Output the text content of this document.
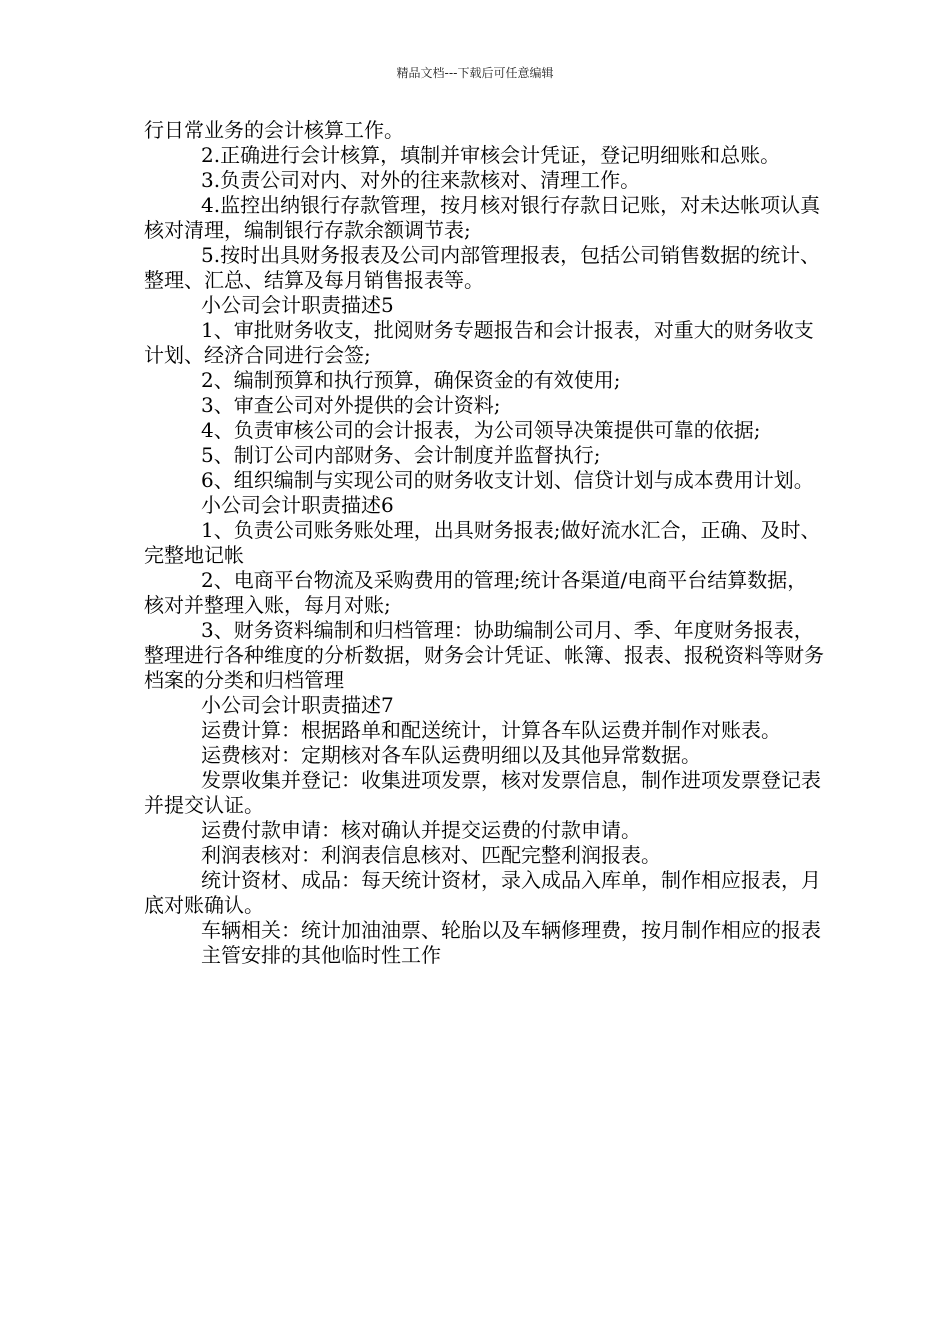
精品文档---下载后可任意编辑

行日常业务的会计核算工作。

2.正确进行会计核算，填制并审核会计凭证，登记明细账和总账。

3.负责公司对内、对外的往来款核对、清理工作。

4.监控出纳银行存款管理，按月核对银行存款日记账，对未达帐项认真核对清理，编制银行存款余额调节表;

5.按时出具财务报表及公司内部管理报表，包括公司销售数据的统计、整理、汇总、结算及每月销售报表等。

小公司会计职责描述5

1、审批财务收支，批阅财务专题报告和会计报表，对重大的财务收支计划、经济合同进行会签;

2、编制预算和执行预算，确保资金的有效使用;

3、审查公司对外提供的会计资料;

4、负责审核公司的会计报表，为公司领导决策提供可靠的依据;

5、制订公司内部财务、会计制度并监督执行;

6、组织编制与实现公司的财务收支计划、信贷计划与成本费用计划。

小公司会计职责描述6

1、负责公司账务账处理，出具财务报表;做好流水汇合，正确、及时、完整地记帐

2、电商平台物流及采购费用的管理;统计各渠道/电商平台结算数据，核对并整理入账，每月对账;

3、财务资料编制和归档管理：协助编制公司月、季、年度财务报表，整理进行各种维度的分析数据，财务会计凭证、帐簿、报表、报税资料等财务档案的分类和归档管理

小公司会计职责描述7

运费计算：根据路单和配送统计，计算各车队运费并制作对账表。

运费核对：定期核对各车队运费明细以及其他异常数据。

发票收集并登记：收集进项发票，核对发票信息，制作进项发票登记表并提交认证。

运费付款申请：核对确认并提交运费的付款申请。

利润表核对：利润表信息核对、匹配完整利润报表。

统计资材、成品：每天统计资材，录入成品入库单，制作相应报表，月底对账确认。

车辆相关：统计加油油票、轮胎以及车辆修理费，按月制作相应的报表

主管安排的其他临时性工作
